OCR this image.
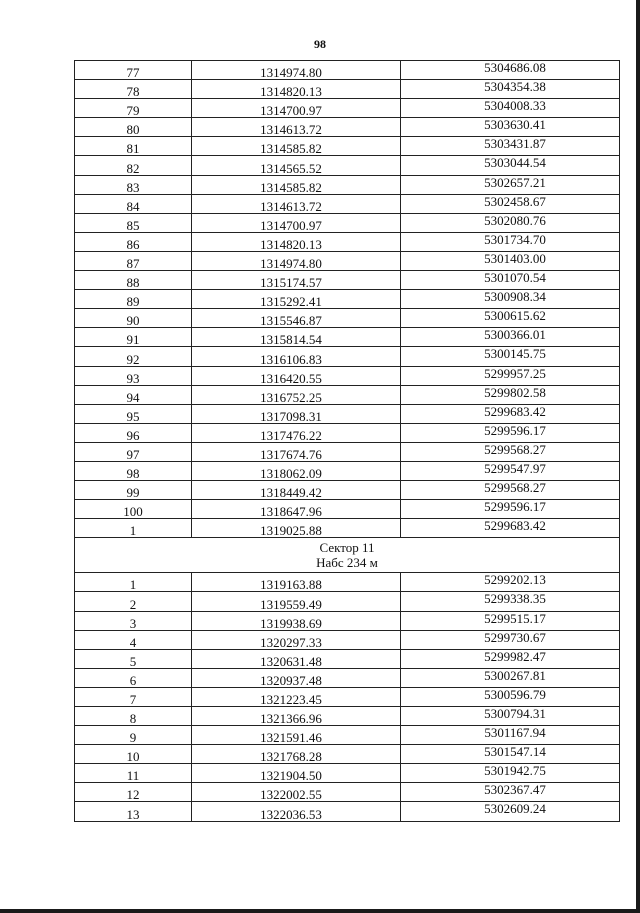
98
77	1314974.80	5304686.08
78	1314820.13	5304354.38
79	1314700.97	5304008.33
80	1314613.72	5303630.41
81	1314585.82	5303431.87
82	1314565.52	5303044.54
83	1314585.82	5302657.21
84	1314613.72	5302458.67
85	1314700.97	5302080.76
86	1314820.13	5301734.70
87	1314974.80	5301403.00
88	1315174.57	5301070.54
89	1315292.41	5300908.34
90	1315546.87	5300615.62
91	1315814.54	5300366.01
92	1316106.83	5300145.75
93	1316420.55	5299957.25
94	1316752.25	5299802.58
95	1317098.31	5299683.42
96	1317476.22	5299596.17
97	1317674.76	5299568.27
98	1318062.09	5299547.97
99	1318449.42	5299568.27
100	1318647.96	5299596.17
1	1319025.88	5299683.42

Сектор 11
Набс 234 м		

1	1319163.88	5299202.13
2	1319559.49	5299338.35
3	1319938.69	5299515.17
4	1320297.33	5299730.67
5	1320631.48	5299982.47
6	1320937.48	5300267.81
7	1321223.45	5300596.79
8	1321366.96	5300794.31
9	1321591.46	5301167.94
10	1321768.28	5301547.14
11	1321904.50	5301942.75
12	1322002.55	5302367.47
13	1322036.53	5302609.24
